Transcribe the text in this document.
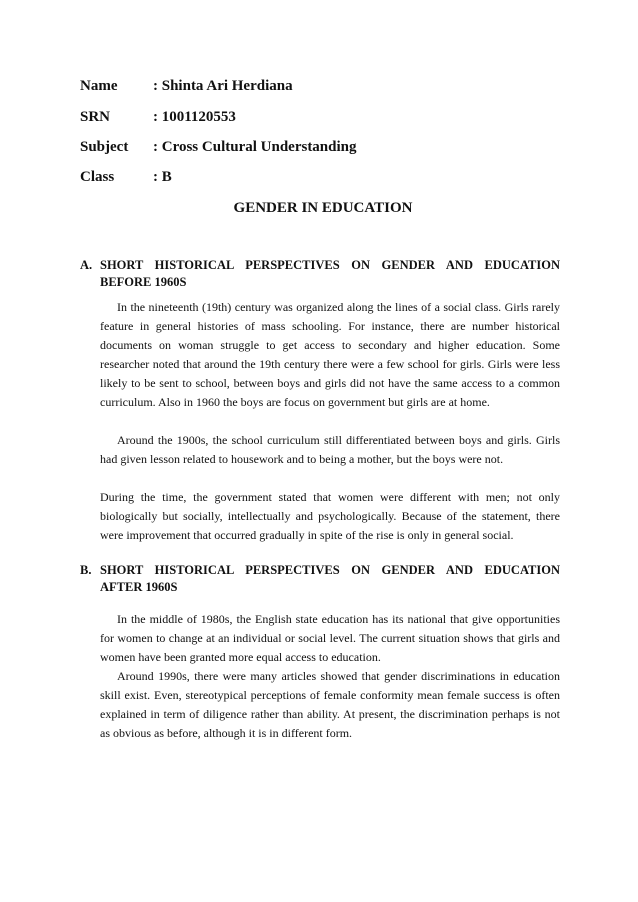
Name : Shinta Ari Herdiana
SRN	: 1001120553
Subject : Cross Cultural Understanding
Class	: B
GENDER IN EDUCATION
A. SHORT HISTORICAL PERSPECTIVES ON GENDER AND EDUCATION
BEFORE 1960S

In the nineteenth (19th) century was organized along the lines of a social class. Girls rarely feature in general histories of mass schooling. For instance, there are number historical documents on woman struggle to get access to secondary and higher education. Some researcher noted that around the 19th century there were a few school for girls. Girls were less likely to be sent to school, between boys and girls did not have the same access to a common curriculum. Also in 1960 the boys are focus on government but girls are at home.

Around the 1900s, the school curriculum still differentiated between boys and girls. Girls had given lesson related to housework and to being a mother, but the boys were not.

During the time, the government stated that women were different with men; not only biologically but socially, intellectually and psychologically. Because of the statement, there were improvement that occurred gradually in spite of the rise is only in general social.

B. SHORT HISTORICAL PERSPECTIVES ON GENDER AND EDUCATION
AFTER 1960S

In the middle of 1980s, the English state education has its national that give opportunities for women to change at an individual or social level. The current situation shows that girls and women have been granted more equal access to education.

Around 1990s, there were many articles showed that gender discriminations in education skill exist. Even, stereotypical perceptions of female conformity mean female success is often explained in term of diligence rather than ability. At present, the discrimination perhaps is not as obvious as before, although it is in different form.
